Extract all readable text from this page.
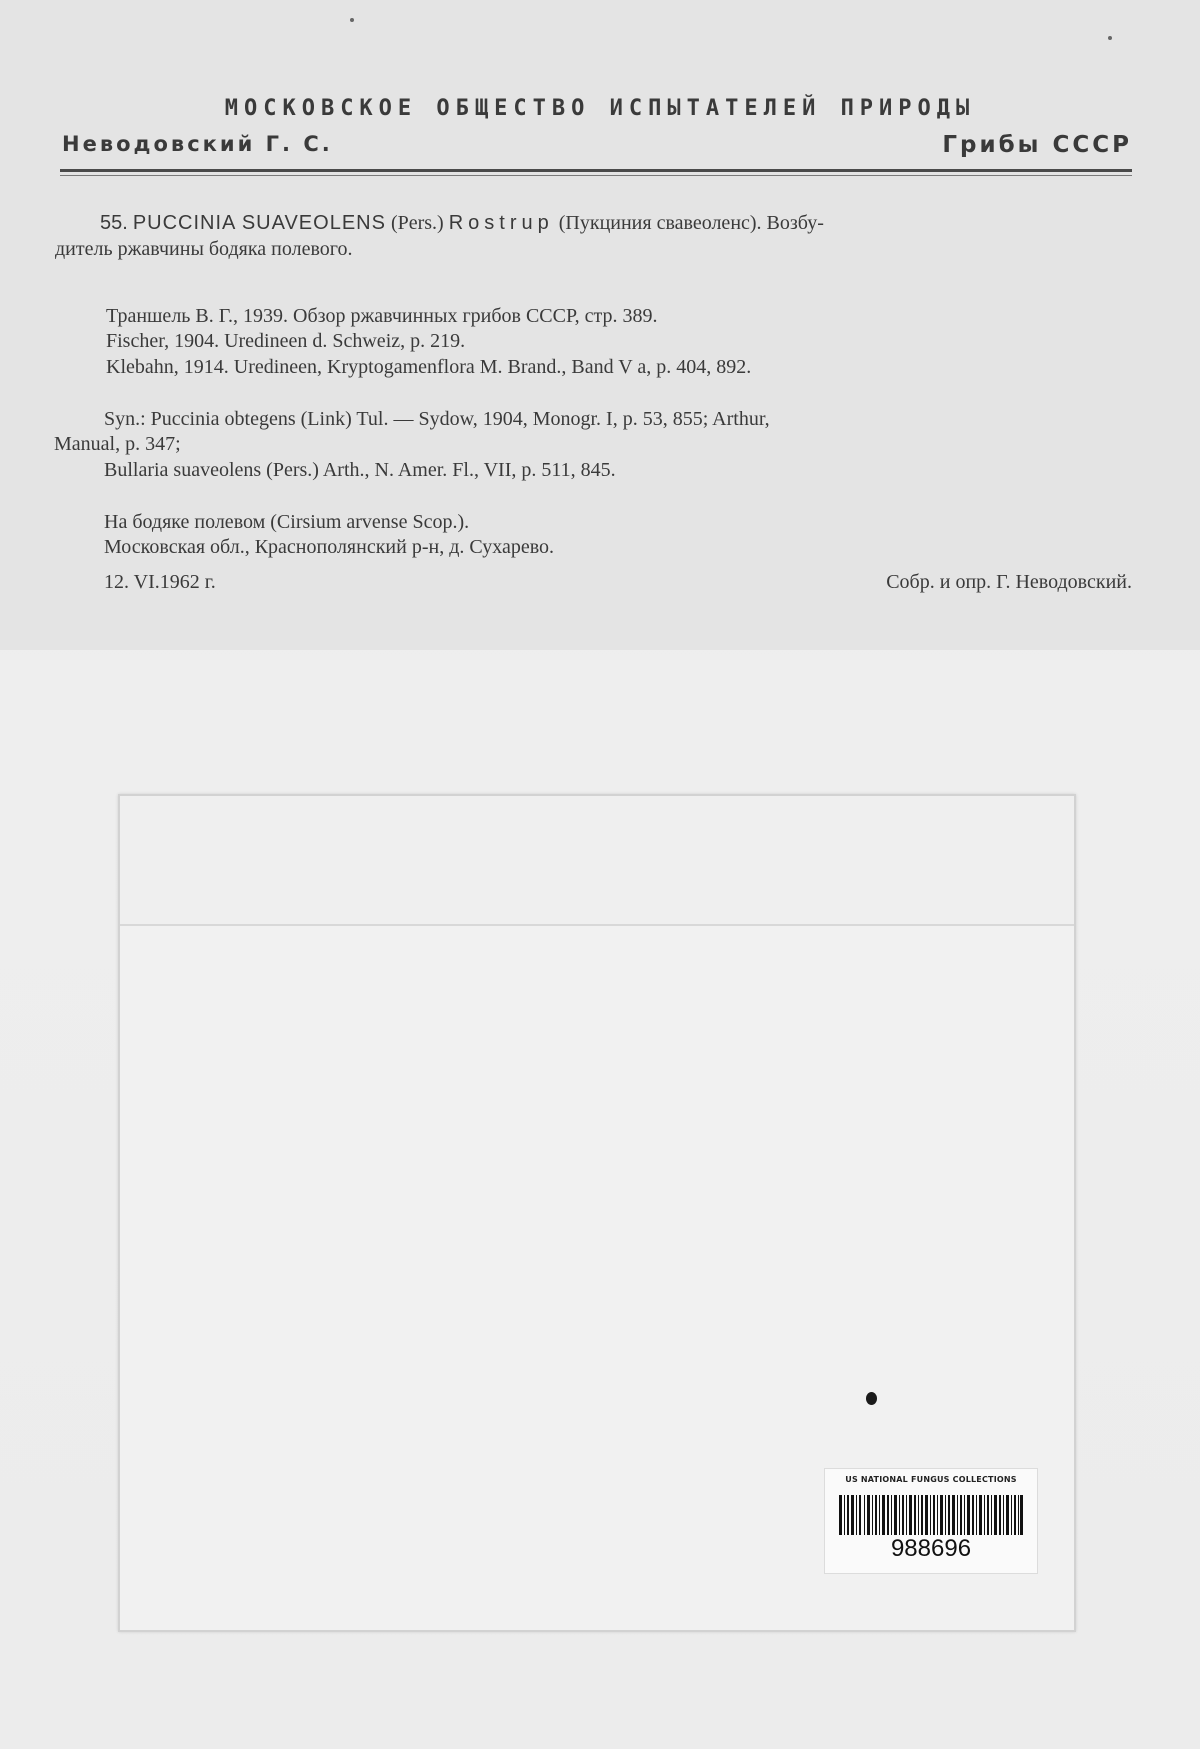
МОСКОВСКОЕ ОБЩЕСТВО ИСПЫТАТЕЛЕЙ ПРИРОДЫ
Неводовский Г. С.	Грибы СССР
55. PUCCINIA SUAVEOLENS (Pers.) Rostrup (Пукциния свавеоленс). Возбу-
дитель ржавчины бодяка полевого.
Траншель В. Г., 1939. Обзор ржавчинных грибов СССР, стр. 389.
Fischer, 1904. Uredineen d. Schweiz, p. 219.
Klebahn, 1914. Uredineen, Kryptogamenflora M. Brand., Band V a, p. 404, 892.
Syn.: Puccinia obtegens (Link) Tul. — Sydow, 1904, Monogr. I, p. 53, 855; Arthur,
Manual, p. 347;
Bullaria suaveolens (Pers.) Arth., N. Amer. Fl., VII, p. 511, 845.
На бодяке полевом (Cirsium arvense Scop.).
Московская обл., Краснополянский р-н, д. Сухарево.
12. VI.1962 г.	Собр. и опр. Г. Неводовский.
US NATIONAL FUNGUS COLLECTIONS
988696
